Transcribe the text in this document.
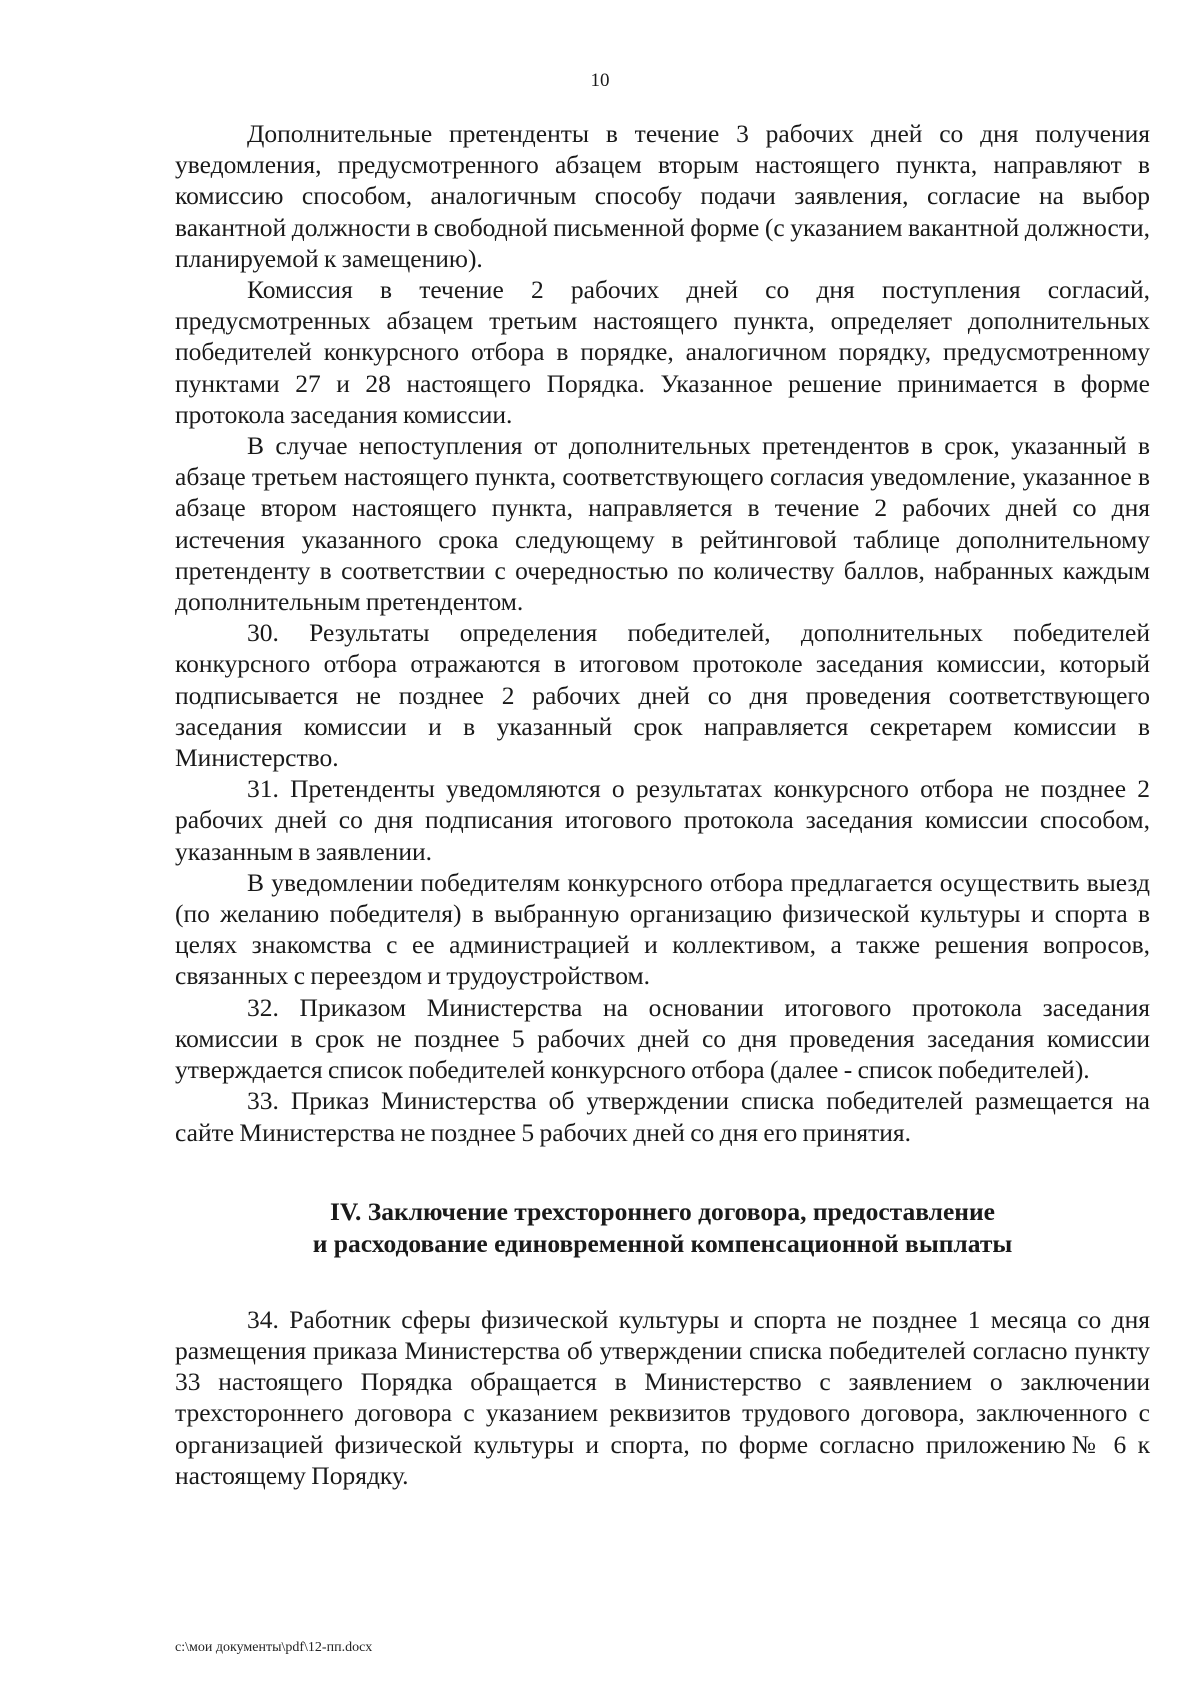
10

Дополнительные претенденты в течение 3 рабочих дней со дня получения уведомления, предусмотренного абзацем вторым настоящего пункта, направляют в комиссию способом, аналогичным способу подачи заявления, согласие на выбор вакантной должности в свободной письменной форме (с указанием вакантной должности, планируемой к замещению).

Комиссия в течение 2 рабочих дней со дня поступления согласий, предусмотренных абзацем третьим настоящего пункта, определяет дополнительных победителей конкурсного отбора в порядке, аналогичном порядку, предусмотренному пунктами 27 и 28 настоящего Порядка. Указанное решение принимается в форме протокола заседания комиссии.

В случае непоступления от дополнительных претендентов в срок, указанный в абзаце третьем настоящего пункта, соответствующего согласия уведомление, указанное в абзаце втором настоящего пункта, направляется в течение 2 рабочих дней со дня истечения указанного срока следующему в рейтинговой таблице дополнительному претенденту в соответствии с очередностью по количеству баллов, набранных каждым дополнительным претендентом.

30. Результаты определения победителей, дополнительных победителей конкурсного отбора отражаются в итоговом протоколе заседания комиссии, который подписывается не позднее 2 рабочих дней со дня проведения соответствующего заседания комиссии и в указанный срок направляется секретарем комиссии в Министерство.

31. Претенденты уведомляются о результатах конкурсного отбора не позднее 2 рабочих дней со дня подписания итогового протокола заседания комиссии способом, указанным в заявлении.

В уведомлении победителям конкурсного отбора предлагается осуществить выезд (по желанию победителя) в выбранную организацию физической культуры и спорта в целях знакомства с ее администрацией и коллективом, а также решения вопросов, связанных с переездом и трудоустройством.

32. Приказом Министерства на основании итогового протокола заседания комиссии в срок не позднее 5 рабочих дней со дня проведения заседания комиссии утверждается список победителей конкурсного отбора (далее - список победителей).

33. Приказ Министерства об утверждении списка победителей размещается на сайте Министерства не позднее 5 рабочих дней со дня его принятия.

IV. Заключение трехстороннего договора, предоставление
и расходование единовременной компенсационной выплаты

34. Работник сферы физической культуры и спорта не позднее 1 месяца со дня размещения приказа Министерства об утверждении списка победителей согласно пункту 33 настоящего Порядка обращается в Министерство с заявлением о заключении трехстороннего договора с указанием реквизитов трудового договора, заключенного с организацией физической культуры и спорта, по форме согласно приложению№ 6 к настоящему Порядку.

c:\мои документы\pdf\12-пп.docx
